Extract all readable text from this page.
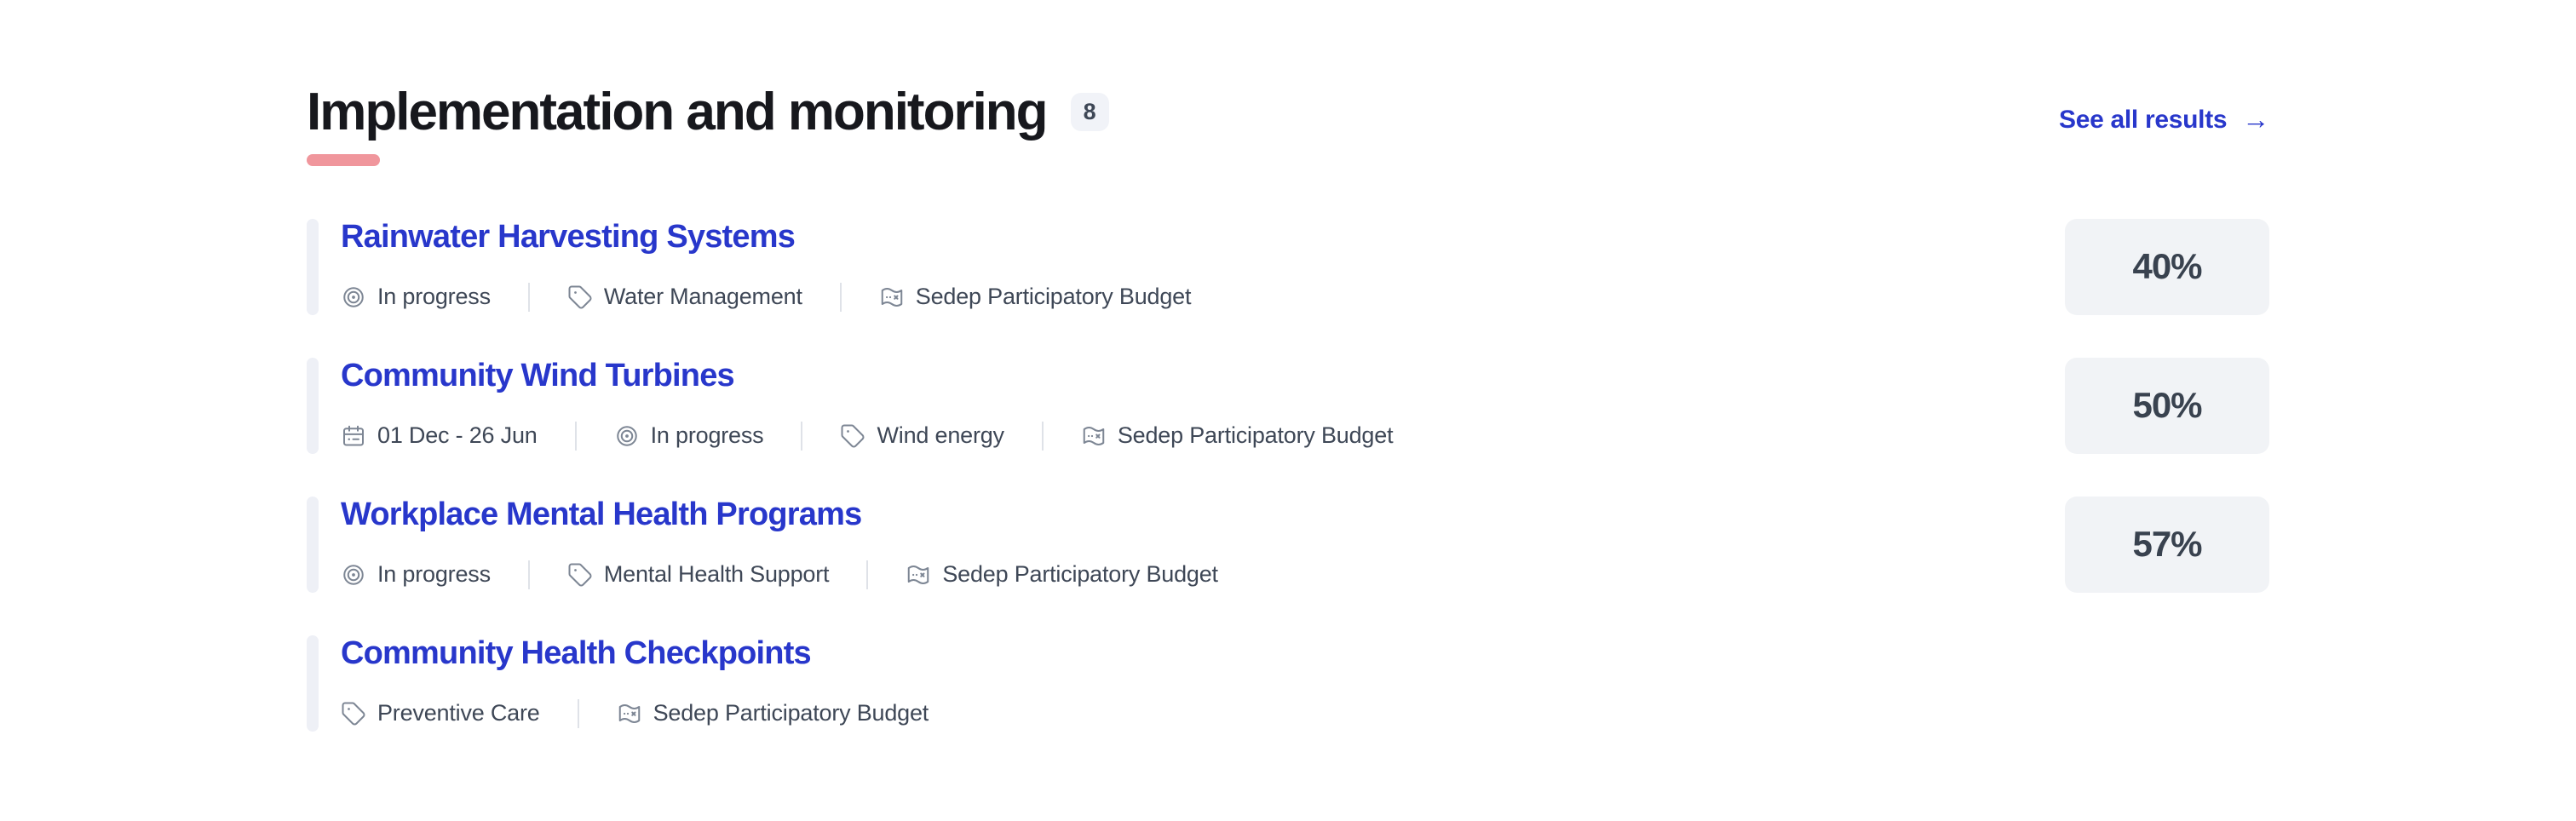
Implementation and monitoring	8	See all results →
Rainwater Harvesting Systems
In progress	Water Management	Sedep Participatory Budget
40%
Community Wind Turbines
01 Dec - 26 Jun	In progress	Wind energy	Sedep Participatory Budget
50%
Workplace Mental Health Programs
In progress	Mental Health Support	Sedep Participatory Budget
57%
Community Health Checkpoints
Preventive Care	Sedep Participatory Budget
